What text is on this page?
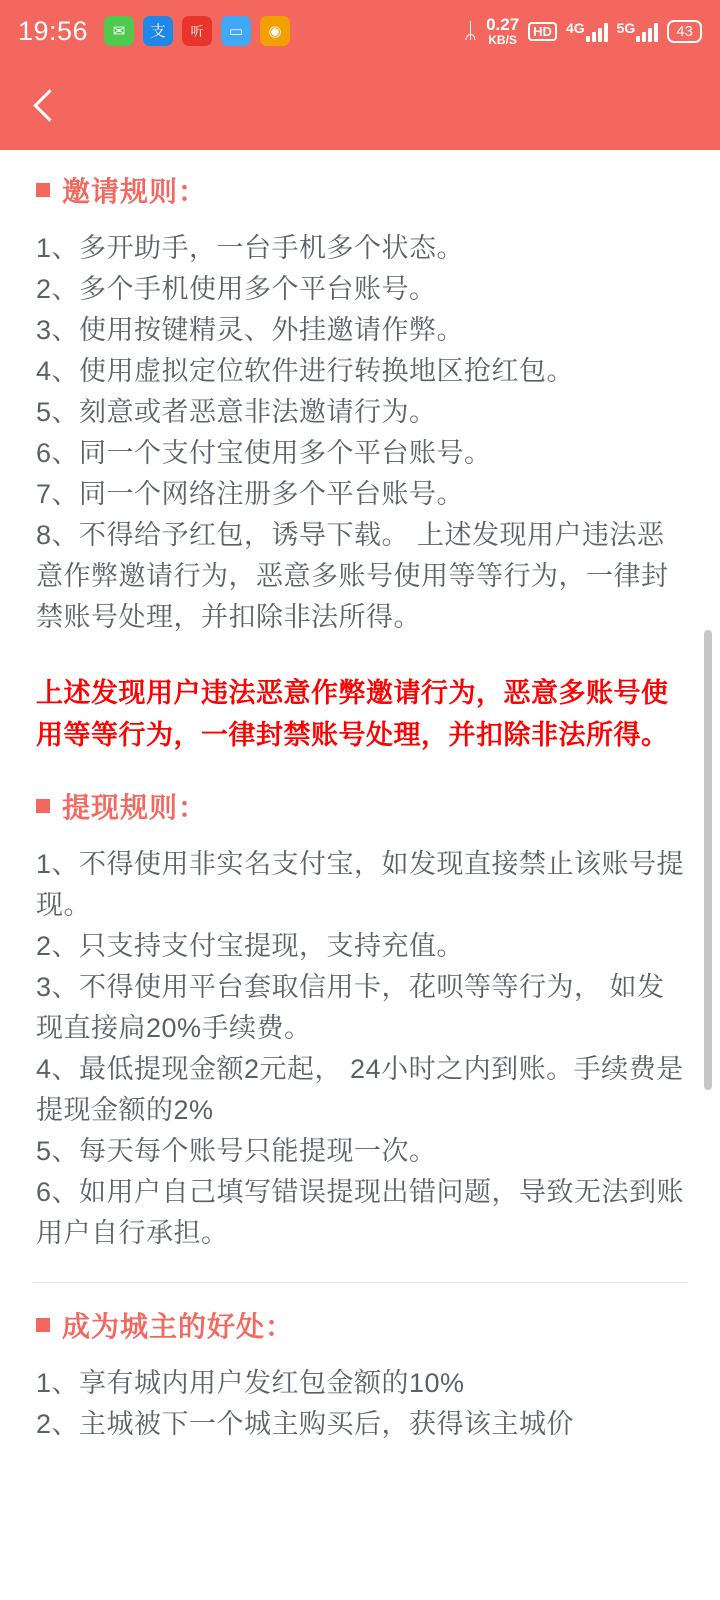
19:56	✉	支	听	▭	◉	ᛦ 0.27
KB/S
HD	4G 5G	43
邀请规则：

1、多开助手，一台手机多个状态。

2、多个手机使用多个平台账号。

3、使用按键精灵、外挂邀请作弊。

4、使用虚拟定位软件进行转换地区抢红包。

5、刻意或者恶意非法邀请行为。

6、同一个支付宝使用多个平台账号。

7、同一个网络注册多个平台账号。

8、不得给予红包，诱导下载。 上述发现用户违法恶意作弊邀请行为，恶意多账号使用等等行为，一律封禁账号处理，并扣除非法所得。

上述发现用户违法恶意作弊邀请行为，恶意多账号使用等等行为，一律封禁账号处理，并扣除非法所得。

提现规则：

1、不得使用非实名支付宝，如发现直接禁止该账号提现。

2、只支持支付宝提现，支持充值。

3、不得使用平台套取信用卡，花呗等等行为， 如发现直接扃20%手续费。

4、最低提现金额2元起， 24小时之内到账。手续费是提现金额的2%

5、每天每个账号只能提现一次。

6、如用户自己填写错误提现出错问题，导致无法到账用户自行承担。

成为城主的好处：

1、享有城内用户发红包金额的10%

2、主城被下一个城主购买后，获得该主城价
